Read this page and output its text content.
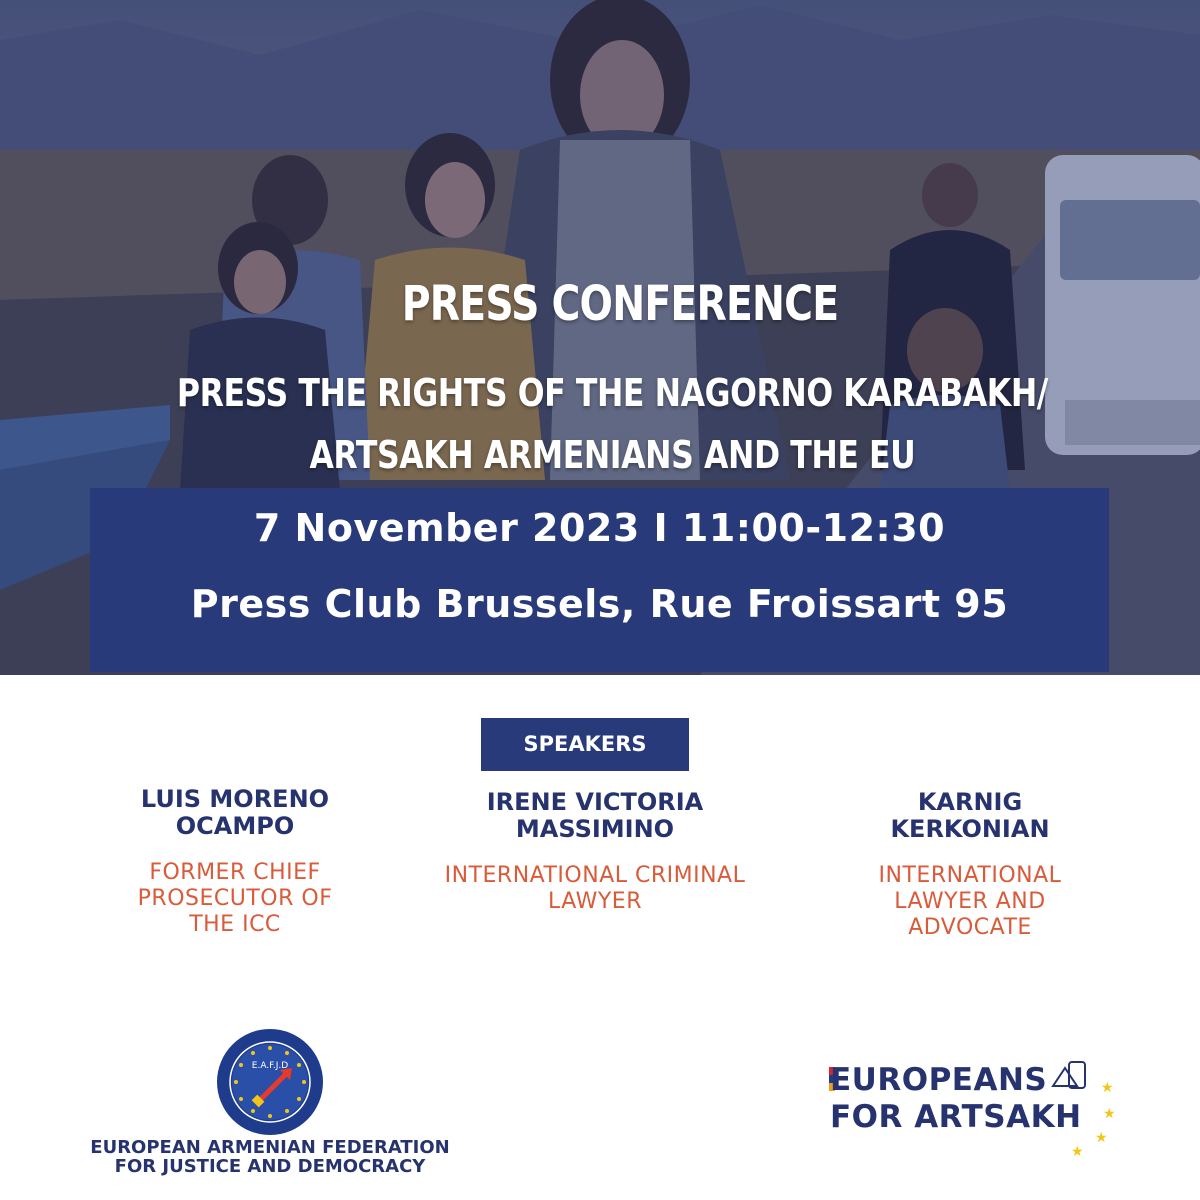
PRESS CONFERENCE
PRESS THE RIGHTS OF THE NAGORNO KARABAKH/
ARTSAKH ARMENIANS AND THE EU
7 November 2023 I 11:00-12:30
Press Club Brussels, Rue Froissart 95
SPEAKERS
LUIS MORENO
OCAMPO
FORMER CHIEF
PROSECUTOR OF
THE ICC
IRENE VICTORIA
MASSIMINO
INTERNATIONAL CRIMINAL
LAWYER
KARNIG
KERKONIAN
INTERNATIONAL
LAWYER AND
ADVOCATE
E.A.F.J.D
EUROPEAN ARMENIAN FEDERATION
FOR JUSTICE AND DEMOCRACY
EUROPEANS
FOR ARTSAKH
★
★
★
★
